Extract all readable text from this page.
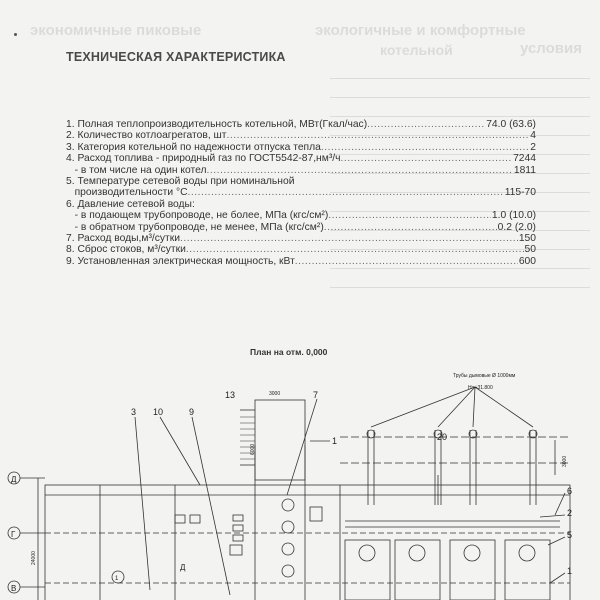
экономичные пиковые	экологичные и комфортные
котельной	условия
ТЕХНИЧЕСКАЯ ХАРАКТЕРИСТИКА
1. Полная теплопроизводительность котельной, МВт(Гкал/час) .....	74.0 (63.6)
2. Количество котлоагрегатов, шт .....	4
3. Категория котельной по надежности отпуска тепла .....	2
4. Расход топлива - природный газ по ГОСТ5542-87,нм³/ч .....	7244
- в том числе на один котел .....	1811
5. Температуре сетевой воды при номинальной
производительности °С .....	115-70
6. Давление сетевой воды:
- в подающем трубопроводе, не более, МПа (кгс/см²) .....	1.0 (10.0)
- в обратном трубопроводе, не менее, МПа (кгс/см²) .....	0.2 (2.0)
7. Расход воды,м³/сутки .....	150
8. Сброс стоков, м³/сутки .....	50
9. Установленная электрическая мощность, кВт .....	600
План на отм. 0,000
Д
Г
В
1
Д
Трубы дымовые Ø 1000мм
Н=+31.800
3000
6000
3000
24000
3 10	9
13	7
1	20
6
2
5
1
